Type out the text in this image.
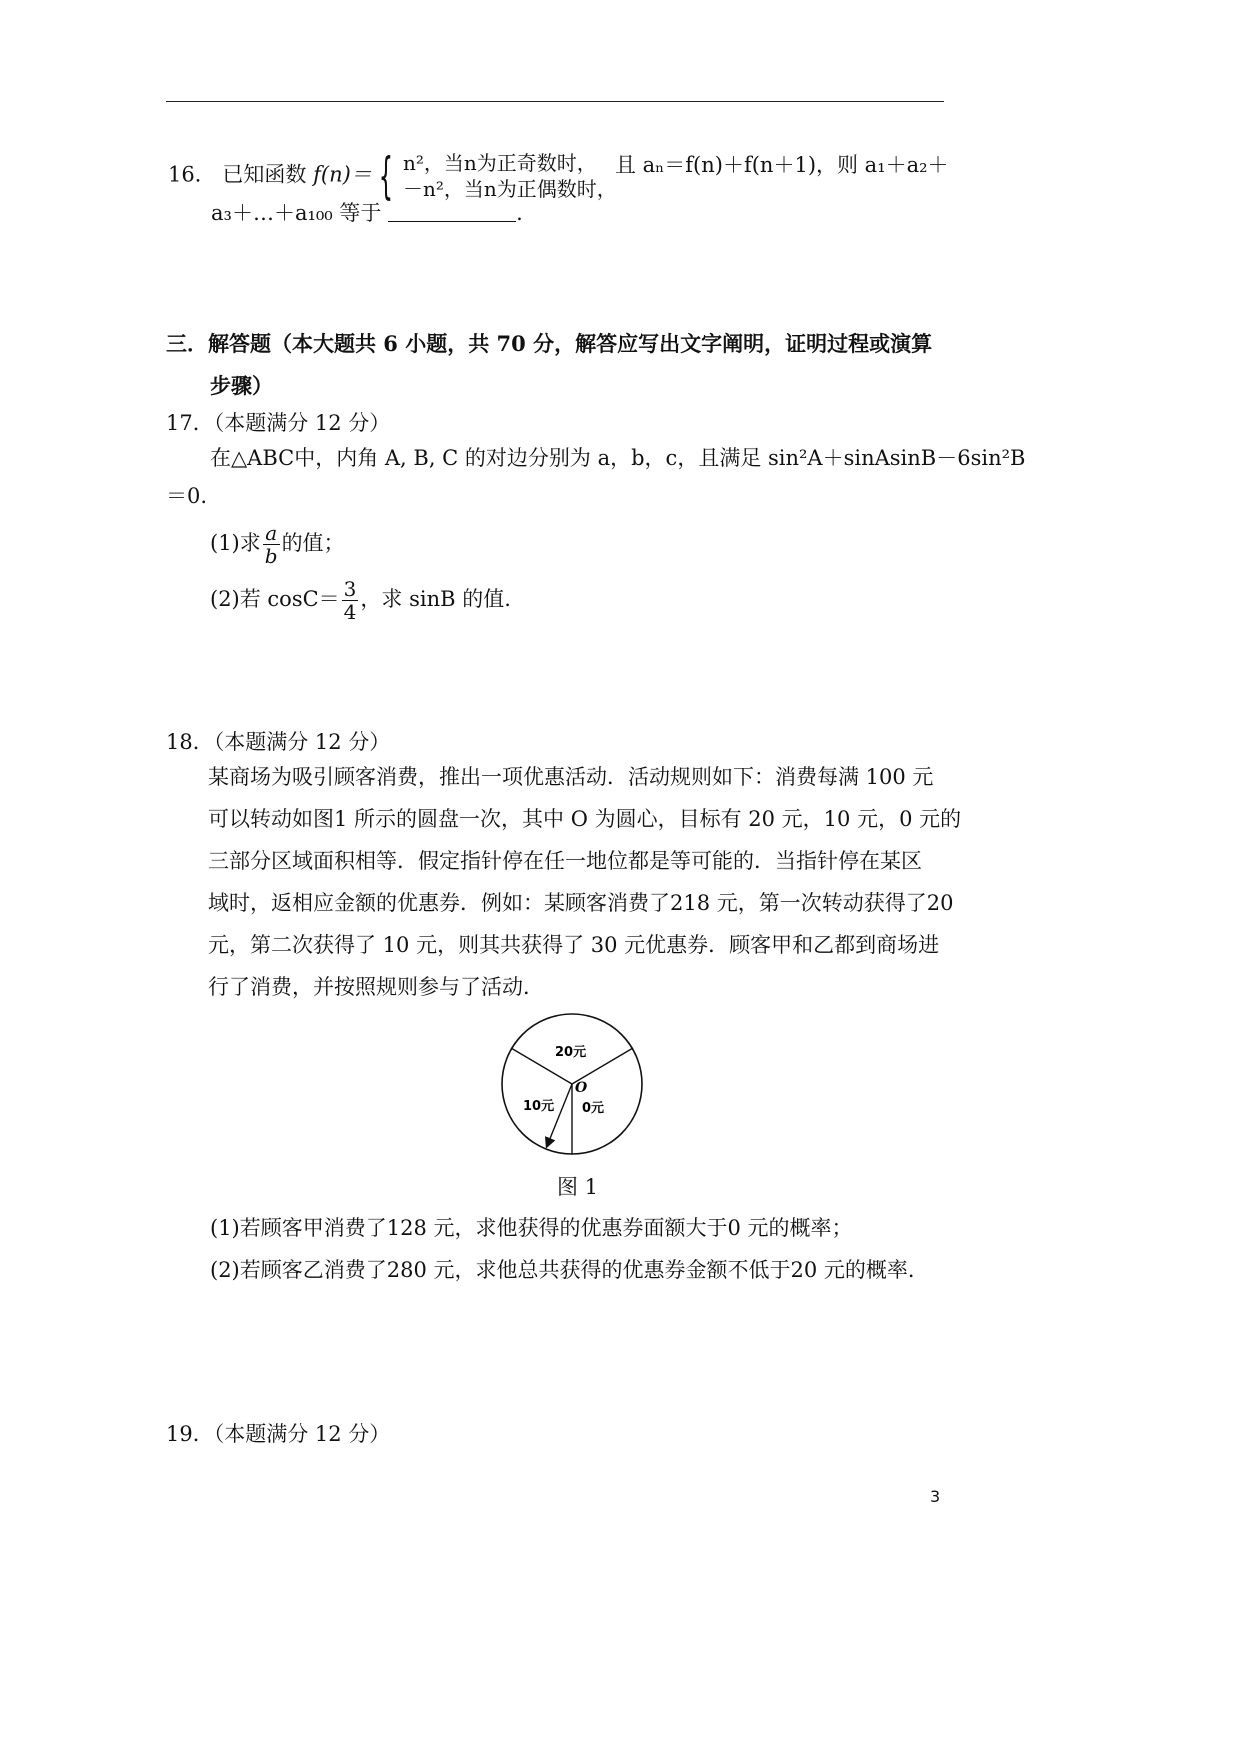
16． 已知函数 f(n)＝ { n²，当n为正奇数时，
－n²，当n为正偶数时，
且 aₙ＝f(n)＋f(n＋1)，则 a₁＋a₂＋
a₃＋…＋a₁₀₀ 等于	.
三．解答题（本大题共 6 小题，共 70 分，解答应写出文字阐明，证明过程或演算
步骤）
17．（本题满分 12 分）
在△ABC中，内角 A, B, C 的对边分别为 a，b，c，且满足 sin²A＋sinAsinB－6sin²B
＝0.
(1)求 $\frac{a}{b}$ 的值；
(2)若 $\cos C= \frac{3}{4}$ ，求 sinB 的值.
18．（本题满分 12 分）
某商场为吸引顾客消费，推出一项优惠活动．活动规则如下：消费每满 100 元
可以转动如图1 所示的圆盘一次，其中 O 为圆心，目标有 20 元，10 元，0 元的
三部分区域面积相等．假定指针停在任一地位都是等可能的．当指针停在某区
域时，返相应金额的优惠券．例如：某顾客消费了218 元，第一次转动获得了20
元，第二次获得了 10 元，则其共获得了 30 元优惠券．顾客甲和乙都到商场进
行了消费，并按照规则参与了活动．
20元
O
10元 0元
图 1
(1)若顾客甲消费了128 元，求他获得的优惠券面额大于0 元的概率；
(2)若顾客乙消费了280 元，求他总共获得的优惠券金额不低于20 元的概率．
19．（本题满分 12 分）
3
